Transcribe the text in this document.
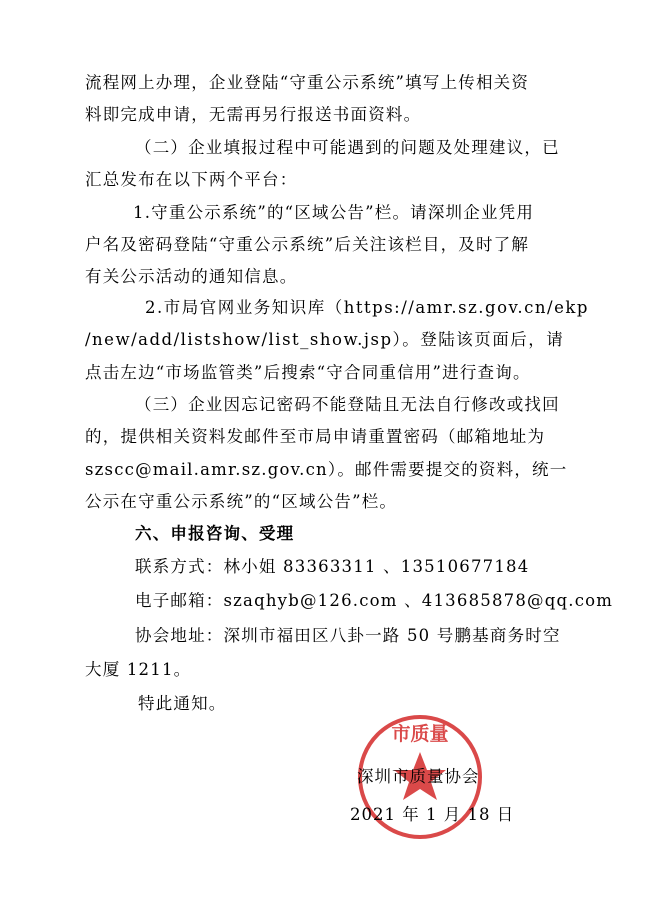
流程网上办理，企业登陆“守重公示系统”填写上传相关资
料即完成申请，无需再另行报送书面资料。
（二）企业填报过程中可能遇到的问题及处理建议，已
汇总发布在以下两个平台：
1.守重公示系统”的“区域公告”栏。请深圳企业凭用
户名及密码登陆“守重公示系统”后关注该栏目，及时了解
有关公示活动的通知信息。
2.市局官网业务知识库（https://amr.sz.gov.cn/ekp
/new/add/listshow/list_show.jsp）。登陆该页面后，请
点击左边“市场监管类”后搜索“守合同重信用”进行查询。
（三）企业因忘记密码不能登陆且无法自行修改或找回
的，提供相关资料发邮件至市局申请重置密码（邮箱地址为
szscc@mail.amr.sz.gov.cn）。邮件需要提交的资料，统一
公示在守重公示系统”的“区域公告”栏。
六、申报咨询、受理
联系方式：林小姐 83363311 、13510677184
电子邮箱：szaqhyb@126.com 、413685878@qq.com
协会地址：深圳市福田区八卦一路 50 号鹏基商务时空
大厦 1211。
特此通知。
市质量
深圳市质量协会
2021 年 1 月 18 日
